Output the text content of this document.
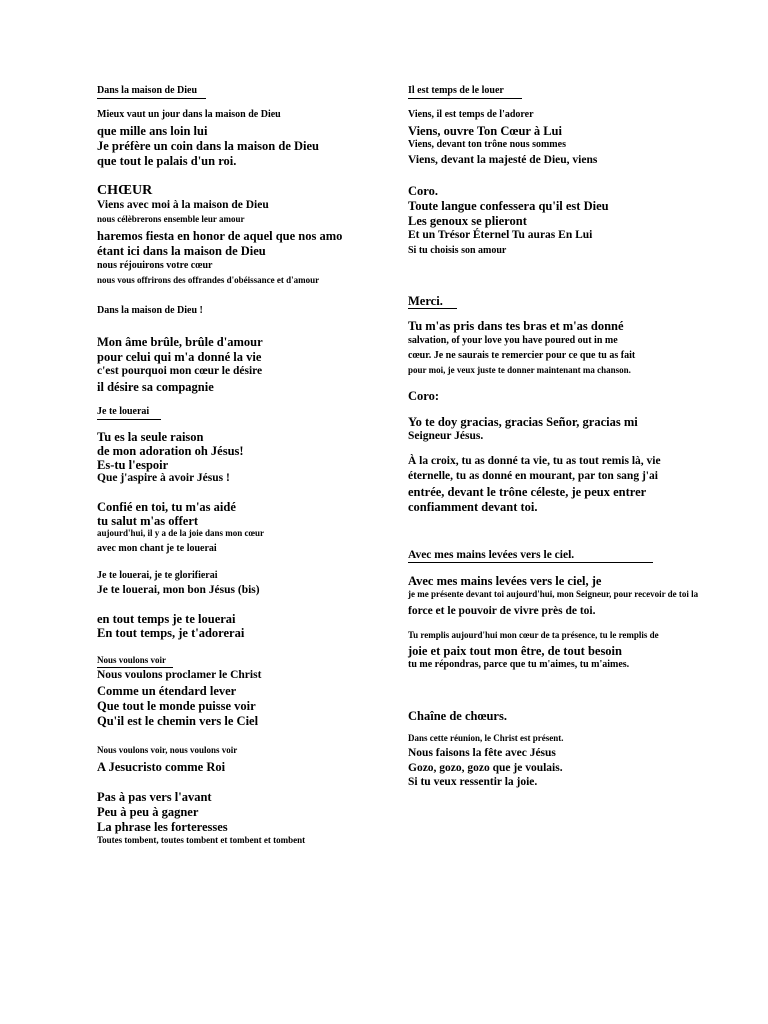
Dans la maison de Dieu
Mieux vaut un jour dans la maison de Dieu
que mille ans loin lui
Je préfère un coin dans la maison de Dieu
que tout le palais d'un roi.
CHŒUR
Viens avec moi à la maison de Dieu
nous célèbrerons ensemble leur amour
haremos fiesta en honor de aquel que nos amo
étant ici dans la maison de Dieu
nous réjouirons votre cœur
nous vous offrirons des offrandes d'obéissance et d'amour
Dans la maison de Dieu !
Mon âme brûle, brûle d'amour
pour celui qui m'a donné la vie
c'est pourquoi mon cœur le désire
il désire sa compagnie
Je te louerai
Tu es la seule raison
de mon adoration oh Jésus!
Es-tu l'espoir
Que j'aspire à avoir Jésus !
Confié en toi, tu m'as aidé
tu salut m'as offert
aujourd'hui, il y a de la joie dans mon cœur
avec mon chant je te louerai
Je te louerai, je te glorifierai
Je te louerai, mon bon Jésus (bis)
en tout temps je te louerai
En tout temps, je t'adorerai
Nous voulons voir
Nous voulons proclamer le Christ
Comme un étendard lever
Que tout le monde puisse voir
Qu'il est le chemin vers le Ciel
Nous voulons voir, nous voulons voir
A Jesucristo comme Roi
Pas à pas vers l'avant
Peu à peu à gagner
La phrase les forteresses
Toutes tombent, toutes tombent et tombent et tombent
Il est temps de le louer
Viens, il est temps de l'adorer
Viens, ouvre Ton Cœur à Lui
Viens, devant ton trône nous sommes
Viens, devant la majesté de Dieu, viens
Coro.
Toute langue confessera qu'il est Dieu
Les genoux se plieront
Et un Trésor Éternel Tu auras En Lui
Si tu choisis son amour
Merci.
Tu m'as pris dans tes bras et m'as donné
salvation, of your love you have poured out in me
cœur. Je ne saurais te remercier pour ce que tu as fait
pour moi, je veux juste te donner maintenant ma chanson.
Coro:
Yo te doy gracias, gracias Señor, gracias mi
Seigneur Jésus.
À la croix, tu as donné ta vie, tu as tout remis là, vie
éternelle, tu as donné en mourant, par ton sang j'ai
entrée, devant le trône céleste, je peux entrer
confiamment devant toi.
Avec mes mains levées vers le ciel.
Avec mes mains levées vers le ciel, je
je me présente devant toi aujourd'hui, mon Seigneur, pour recevoir de toi la
force et le pouvoir de vivre près de toi.
Tu remplis aujourd'hui mon cœur de ta présence, tu le remplis de
joie et paix tout mon être, de tout besoin
tu me répondras, parce que tu m'aimes, tu m'aimes.
Chaîne de chœurs.
Dans cette réunion, le Christ est présent.
Nous faisons la fête avec Jésus
Gozo, gozo, gozo que je voulais.
Si tu veux ressentir la joie.
